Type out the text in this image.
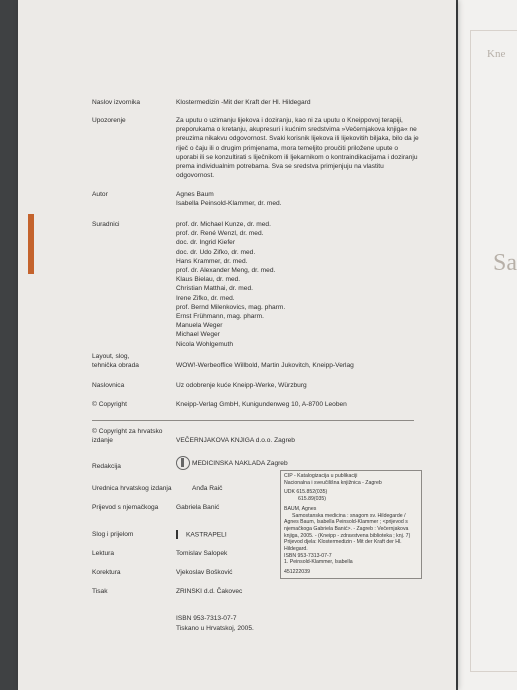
Kne
Sa
Naslov izvornika	Klostermedizin -Mit der Kraft der Hl. Hildegard
Upozorenje	Za uputu o uzimanju lijekova i doziranju, kao ni za uputu o Kneippovoj terapiji, preporukama o kretanju, akupresuri i kućnim sredstvima »Večernjakova knjiga« ne preuzima nikakvu odgovornost. Svaki korisnik lijekova ili lijekovitih biljaka, bilo da je riječ o čaju ili o drugim primjenama, mora temeljito proučiti priložene upute o uporabi ili se konzultirati s liječnikom ili ljekarnikom o kontraindikacijama i doziranju prema individualnim potrebama. Sva se sredstva primjenjuju na vlastitu odgovornost.
Autor	Agnes Baum
Isabella Peinsold-Klammer, dr. med.
Suradnici	prof. dr. Michael Kunze, dr. med.
prof. dr. René Wenzl, dr. med.
doc. dr. Ingrid Kiefer
doc. dr. Udo Zifko, dr. med.
Hans Krammer, dr. med.
prof. dr. Alexander Meng, dr. med.
Klaus Bielau, dr. med.
Christian Matthai, dr. med.
Irene Zifko, dr. med.
prof. Bernd Milenkovics, mag. pharm.
Ernst Frühmann, mag. pharm.
Manuela Weger
Michael Weger
Nicola Wohlgemuth
Layout, slog,
tehnička obrada	WOW!-Werbeoffice Willbold, Martin Jukovitch, Kneipp-Verlag
Naslovnica	Uz odobrenje kuće Kneipp-Werke, Würzburg
© Copyright	Kneipp-Verlag GmbH, Kunigundenweg 10, A-8700 Leoben
© Copyright za hrvatsko
izdanje	VEČERNJAKOVA KNJIGA d.o.o. Zagreb
Redakcija	MEDICINSKA NAKLADA Zagreb
Urednica hrvatskog izdanja	Anđa Raič
Prijevod s njemačkoga	Gabriela Banić
Slog i prijelom	KASTRAPELI
Lektura	Tomislav Salopek
Korektura	Vjekoslav Bošković
Tisak	ZRINSKI d.d. Čakovec
ISBN 953-7313-07-7
Tiskano u Hrvatskoj, 2005.
CIP - Katalogizacija u publikaciji
Nacionalna i sveučilišna knjižnica - Zagreb
UDK 615.852(035)
615.89(035)
BAUM, Agnes
Samostanska medicina : snagom sv. Hildegarde / Agnes Baum, Isabella Peinsold-Klammer ; <prijevod s njemačkoga Gabriela Banić>. - Zagreb : Večernjakova knjiga, 2005. - (Kneipp - zdravstvena biblioteka ; knj. 7)
Prijevod djela: Klostermedizin - Mit der Kraft der Hl. Hildegard.
ISBN 953-7313-07-7
1. Peinsold-Klammer, Isabella
451222039
